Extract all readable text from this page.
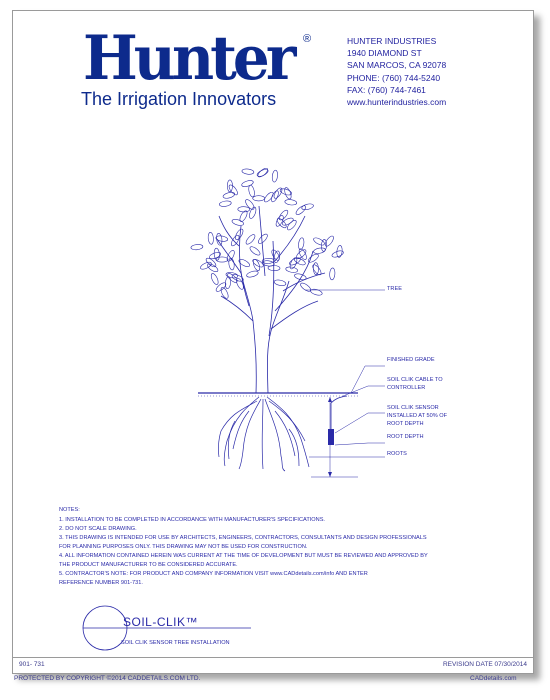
Hunter ®
The Irrigation Innovators
HUNTER INDUSTRIES
1940 DIAMOND ST
SAN MARCOS, CA 92078
PHONE: (760) 744-5240
FAX: (760) 744-7461
www.hunterindustries.com
TREE
FINISHED GRADE
SOIL CLIK CABLE TO
CONTROLLER
SOIL CLIK SENSOR
INSTALLED AT 50% OF
ROOT DEPTH
ROOT DEPTH
ROOTS
NOTES:
1. INSTALLATION TO BE COMPLETED IN ACCORDANCE WITH MANUFACTURER'S SPECIFICATIONS.
2. DO NOT SCALE DRAWING.
3. THIS DRAWING IS INTENDED FOR USE BY ARCHITECTS, ENGINEERS, CONTRACTORS, CONSULTANTS AND DESIGN PROFESSIONALS
FOR PLANNING PURPOSES ONLY. THIS DRAWING MAY NOT BE USED FOR CONSTRUCTION.
4. ALL INFORMATION CONTAINED HEREIN WAS CURRENT AT THE TIME OF DEVELOPMENT BUT MUST BE REVIEWED AND APPROVED BY
THE PRODUCT MANUFACTURER TO BE CONSIDERED ACCURATE.
5. CONTRACTOR'S NOTE: FOR PRODUCT AND COMPANY INFORMATION VISIT www.CADdetails.com/info AND ENTER
REFERENCE NUMBER 901-731.
SOIL-CLIK™
SOIL CLIK SENSOR TREE INSTALLATION
901- 731	REVISION DATE 07/30/2014
PROTECTED BY COPYRIGHT ©2014 CADDETAILS.COM LTD.	CADdetails.com
